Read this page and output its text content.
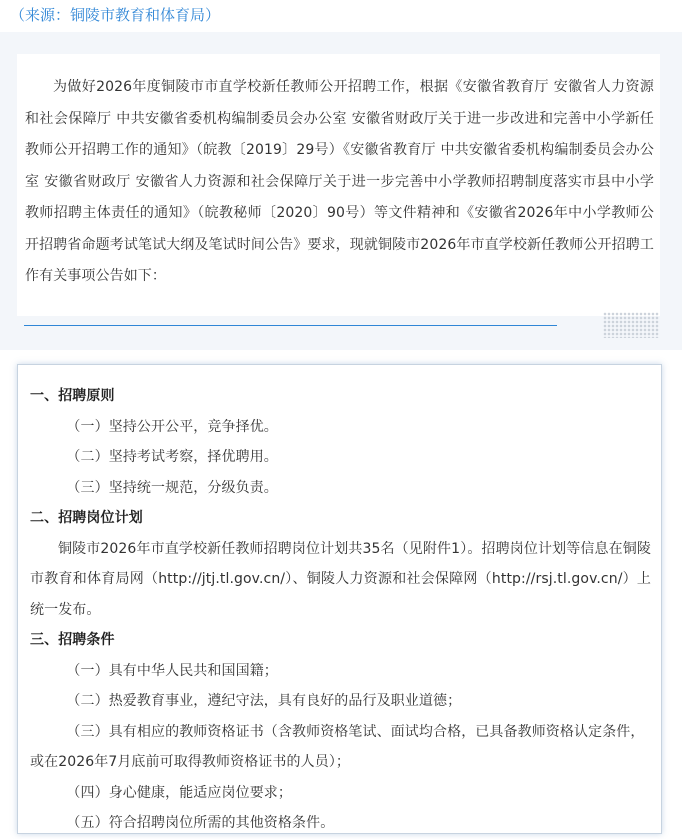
（来源：铜陵市教育和体育局）

为做好2026年度铜陵市市直学校新任教师公开招聘工作，根据《安徽省教育厅 安徽省人力资源和社会保障厅 中共安徽省委机构编制委员会办公室 安徽省财政厅关于进一步改进和完善中小学新任教师公开招聘工作的通知》（皖教〔2019〕29号）《安徽省教育厅 中共安徽省委机构编制委员会办公室 安徽省财政厅 安徽省人力资源和社会保障厅关于进一步完善中小学教师招聘制度落实市县中小学教师招聘主体责任的通知》（皖教秘师〔2020〕90号）等文件精神和《安徽省2026年中小学教师公开招聘省命题考试笔试大纲及笔试时间公告》要求，现就铜陵市2026年市直学校新任教师公开招聘工作有关事项公告如下：

一、招聘原则

（一）坚持公开公平，竞争择优。

（二）坚持考试考察，择优聘用。

（三）坚持统一规范，分级负责。

二、招聘岗位计划

铜陵市2026年市直学校新任教师招聘岗位计划共35名（见附件1）。招聘岗位计划等信息在铜陵市教育和体育局网（http://jtj.tl.gov.cn/）、铜陵人力资源和社会保障网（http://rsj.tl.gov.cn/）上统一发布。

三、招聘条件

（一）具有中华人民共和国国籍；

（二）热爱教育事业，遵纪守法，具有良好的品行及职业道德；

（三）具有相应的教师资格证书（含教师资格笔试、面试均合格，已具备教师资格认定条件，或在2026年7月底前可取得教师资格证书的人员）；

（四）身心健康，能适应岗位要求；

（五）符合招聘岗位所需的其他资格条件。
